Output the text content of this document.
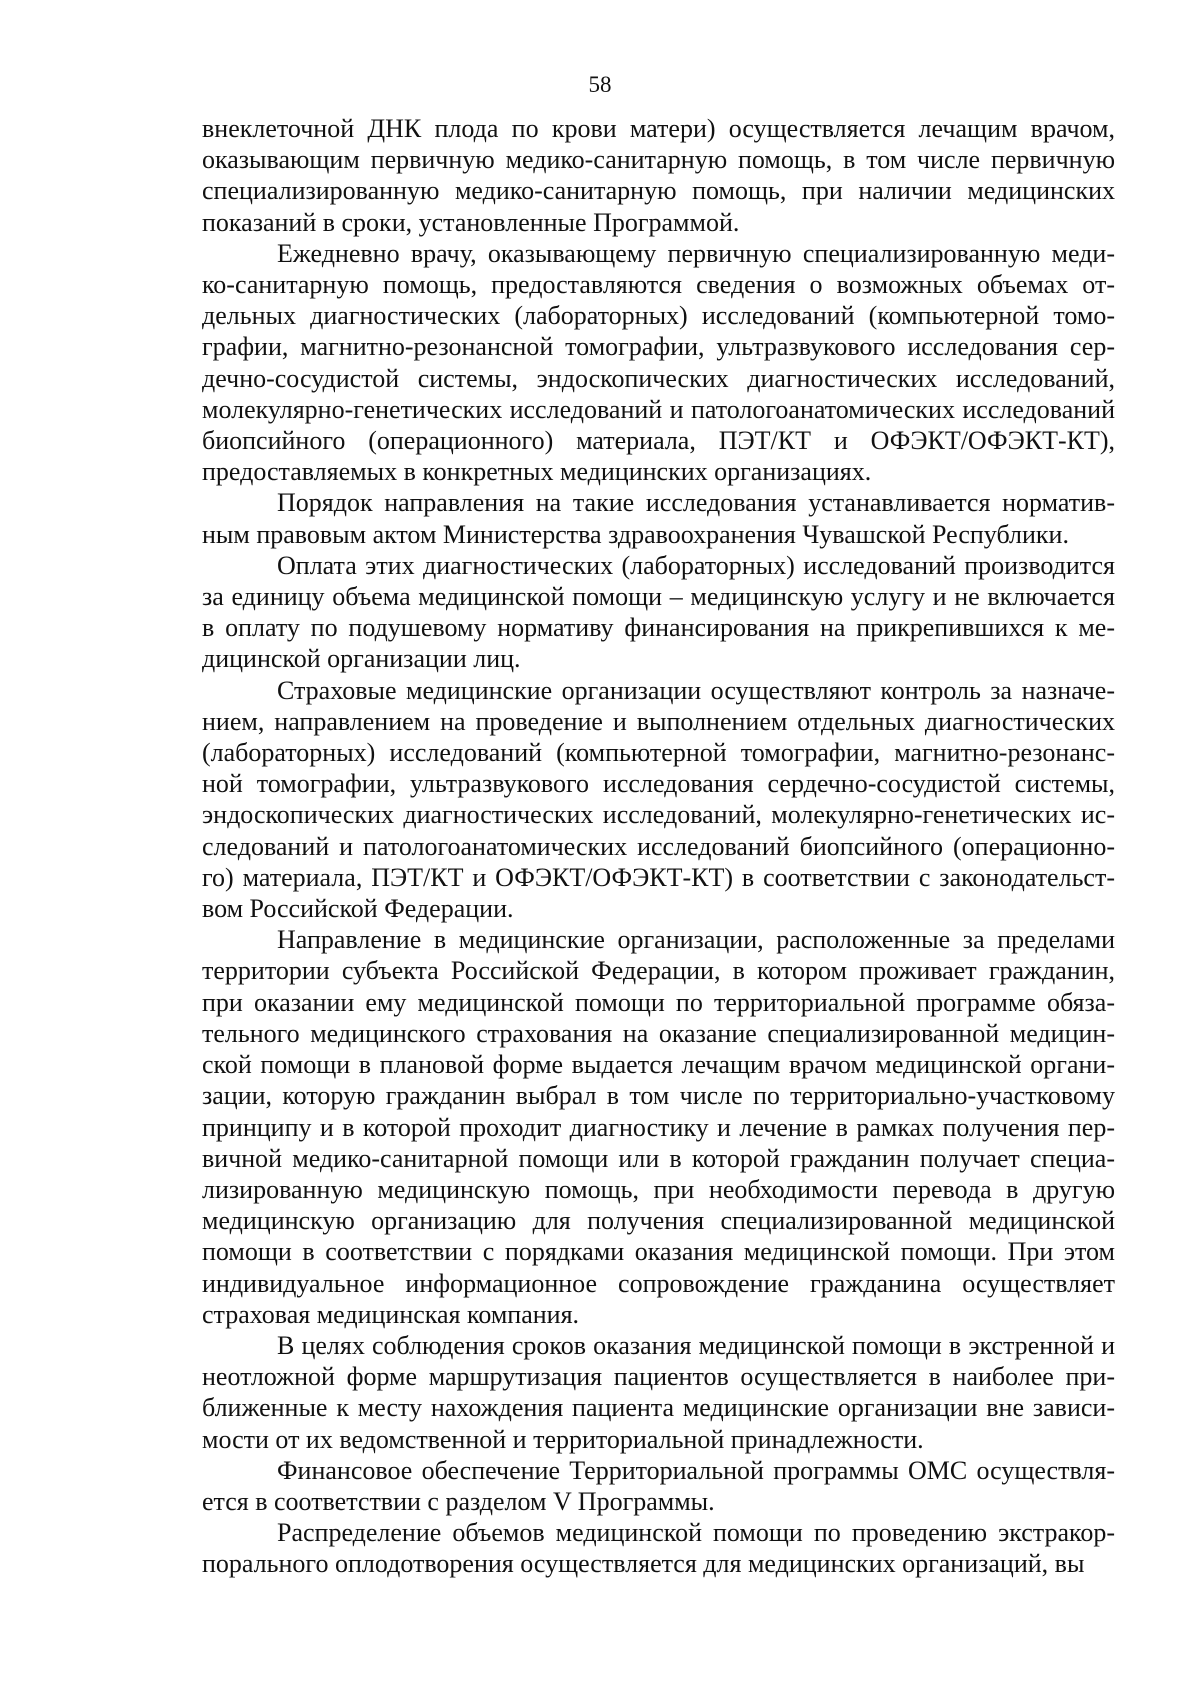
58

внеклеточной ДНК плода по крови матери) осуществляется лечащим врачом, оказывающим первичную медико-санитарную помощь, в том числе первичную специализированную медико-санитарную помощь, при наличии медицинских показаний в сроки, установленные Программой.

Ежедневно врачу, оказывающему первичную специализированную медико-санитарную помощь, предоставляются сведения о возможных объемах отдельных диагностических (лабораторных) исследований (компьютерной томографии, магнитно-резонансной томографии, ультразвукового исследования сердечно-сосудистой системы, эндоскопических диагностических исследований, молекулярно-генетических исследований и патологоанатомических исследований биопсийного (операционного) материала, ПЭТ/КТ и ОФЭКТ/ОФЭКТ-КТ), предоставляемых в конкретных медицинских организациях.

Порядок направления на такие исследования устанавливается нормативным правовым актом Министерства здравоохранения Чувашской Республики.

Оплата этих диагностических (лабораторных) исследований производится за единицу объема медицинской помощи – медицинскую услугу и не включается в оплату по подушевому нормативу финансирования на прикрепившихся к медицинской организации лиц.

Страховые медицинские организации осуществляют контроль за назначением, направлением на проведение и выполнением отдельных диагностических (лабораторных) исследований (компьютерной томографии, магнитно-резонансной томографии, ультразвукового исследования сердечно-сосудистой системы, эндоскопических диагностических исследований, молекулярно-генетических исследований и патологоанатомических исследований биопсийного (операционного) материала, ПЭТ/КТ и ОФЭКТ/ОФЭКТ-КТ) в соответствии с законодательством Российской Федерации.

Направление в медицинские организации, расположенные за пределами территории субъекта Российской Федерации, в котором проживает гражданин, при оказании ему медицинской помощи по территориальной программе обязательного медицинского страхования на оказание специализированной медицинской помощи в плановой форме выдается лечащим врачом медицинской организации, которую гражданин выбрал в том числе по территориально-участковому принципу и в которой проходит диагностику и лечение в рамках получения первичной медико-санитарной помощи или в которой гражданин получает специализированную медицинскую помощь, при необходимости перевода в другую медицинскую организацию для получения специализированной медицинской помощи в соответствии с порядками оказания медицинской помощи. При этом индивидуальное информационное сопровождение гражданина осуществляет страховая медицинская компания.

В целях соблюдения сроков оказания медицинской помощи в экстренной и неотложной форме маршрутизация пациентов осуществляется в наиболее приближенные к месту нахождения пациента медицинские организации вне зависимости от их ведомственной и территориальной принадлежности.

Финансовое обеспечение Территориальной программы ОМС осуществляется в соответствии с разделом V Программы.

Распределение объемов медицинской помощи по проведению экстракорпорального оплодотворения осуществляется для медицинских организаций, вы
